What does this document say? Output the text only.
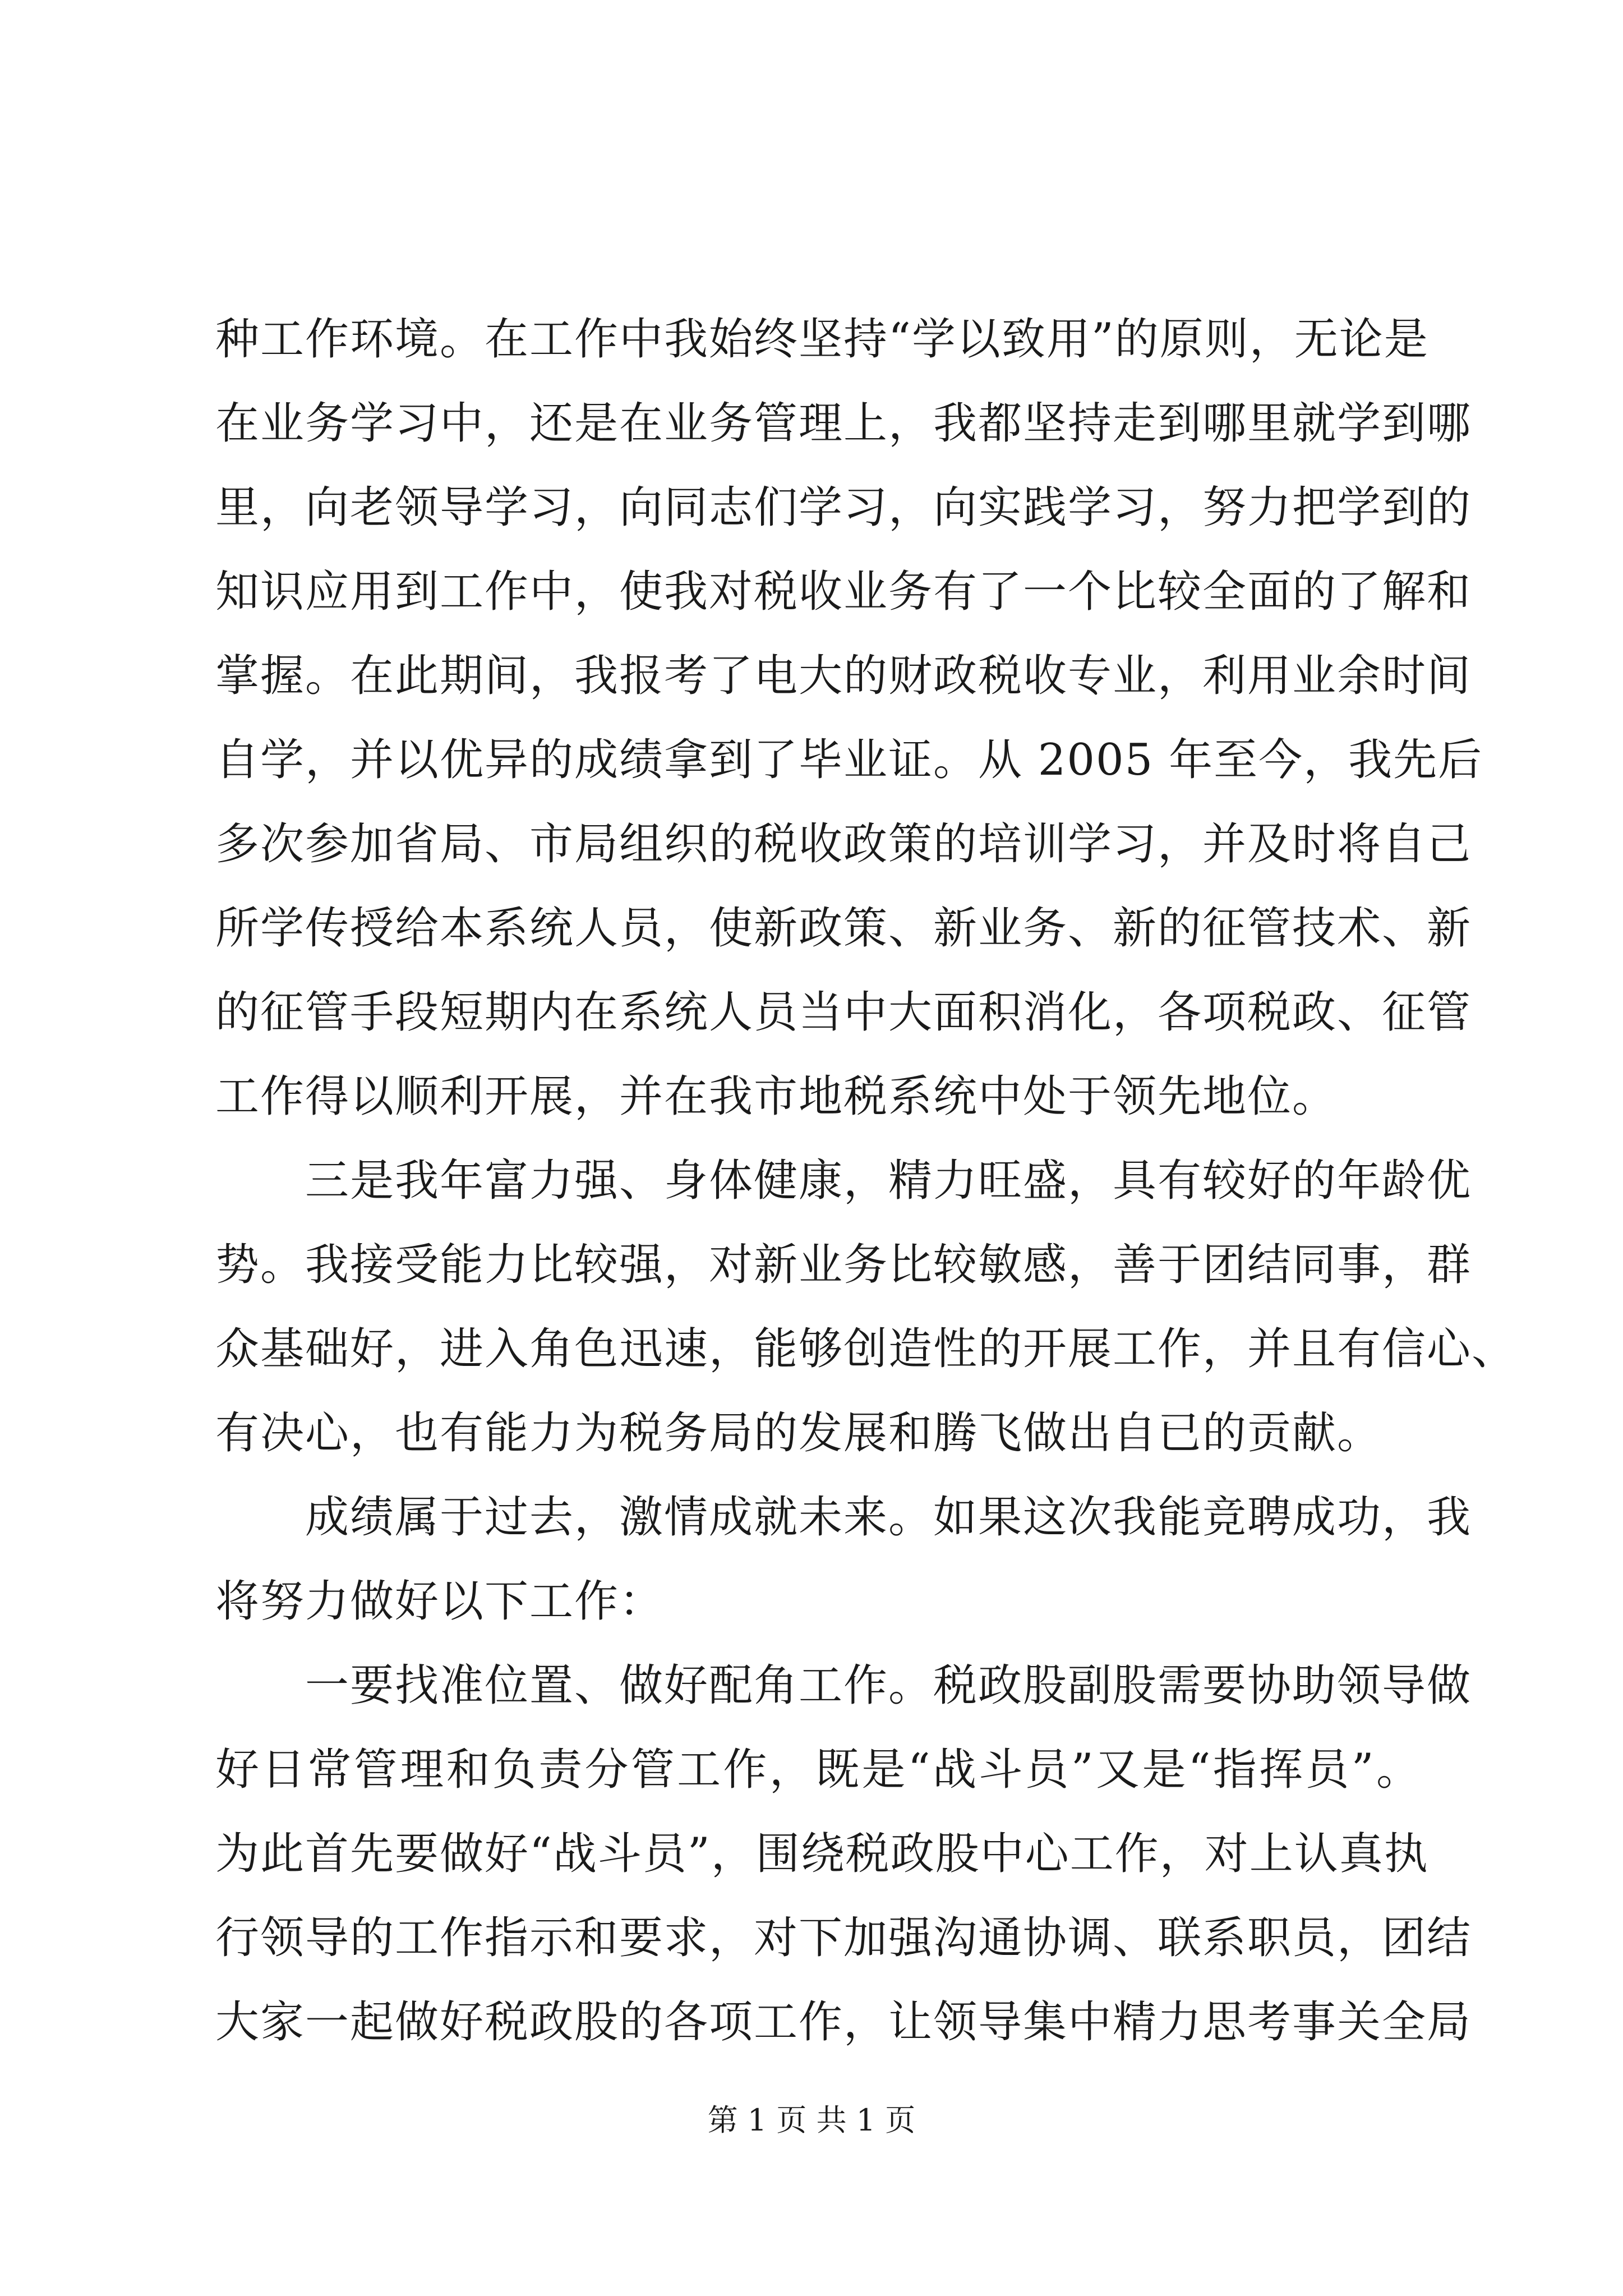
种工作环境。在工作中我始终坚持“学以致用”的原则，无论是
在业务学习中，还是在业务管理上，我都坚持走到哪里就学到哪
里，向老领导学习，向同志们学习，向实践学习，努力把学到的
知识应用到工作中，使我对税收业务有了一个比较全面的了解和
掌握。在此期间，我报考了电大的财政税收专业，利用业余时间
自学，并以优异的成绩拿到了毕业证。从 2005 年至今，我先后
多次参加省局、市局组织的税收政策的培训学习，并及时将自己
所学传授给本系统人员，使新政策、新业务、新的征管技术、新
的征管手段短期内在系统人员当中大面积消化，各项税政、征管
工作得以顺利开展，并在我市地税系统中处于领先地位。
　　三是我年富力强、身体健康，精力旺盛，具有较好的年龄优
势。我接受能力比较强，对新业务比较敏感，善于团结同事，群
众基础好，进入角色迅速，能够创造性的开展工作，并且有信心、
有决心，也有能力为税务局的发展和腾飞做出自已的贡献。
　　成绩属于过去，激情成就未来。如果这次我能竞聘成功，我
将努力做好以下工作：
　　一要找准位置、做好配角工作。税政股副股需要协助领导做
好日常管理和负责分管工作，既是“战斗员”又是“指挥员”。
为此首先要做好“战斗员”，围绕税政股中心工作，对上认真执
行领导的工作指示和要求，对下加强沟通协调、联系职员，团结
大家一起做好税政股的各项工作，让领导集中精力思考事关全局
第 1 页 共 1 页
